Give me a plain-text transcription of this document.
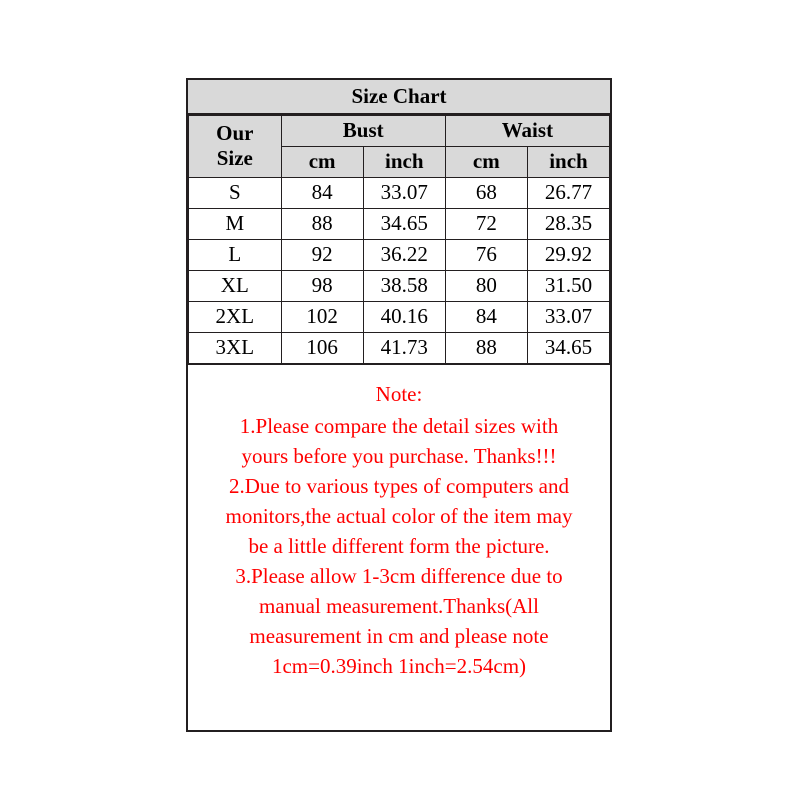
Size Chart
Our
Size	Bust		Waist	
	cm	inch	cm	inch
S	84	33.07	68	26.77
M	88	34.65	72	28.35
L	92	36.22	76	29.92
XL	98	38.58	80	31.50
2XL	102	40.16	84	33.07
3XL	106	41.73	88	34.65
Note:

1.Please compare the detail sizes with

yours before you purchase. Thanks!!!

2.Due to various types of computers and

monitors,the actual color of the item may

be a little different form the picture.

3.Please allow 1-3cm difference due to

manual measurement.Thanks(All

measurement in cm and please note

1cm=0.39inch 1inch=2.54cm)
